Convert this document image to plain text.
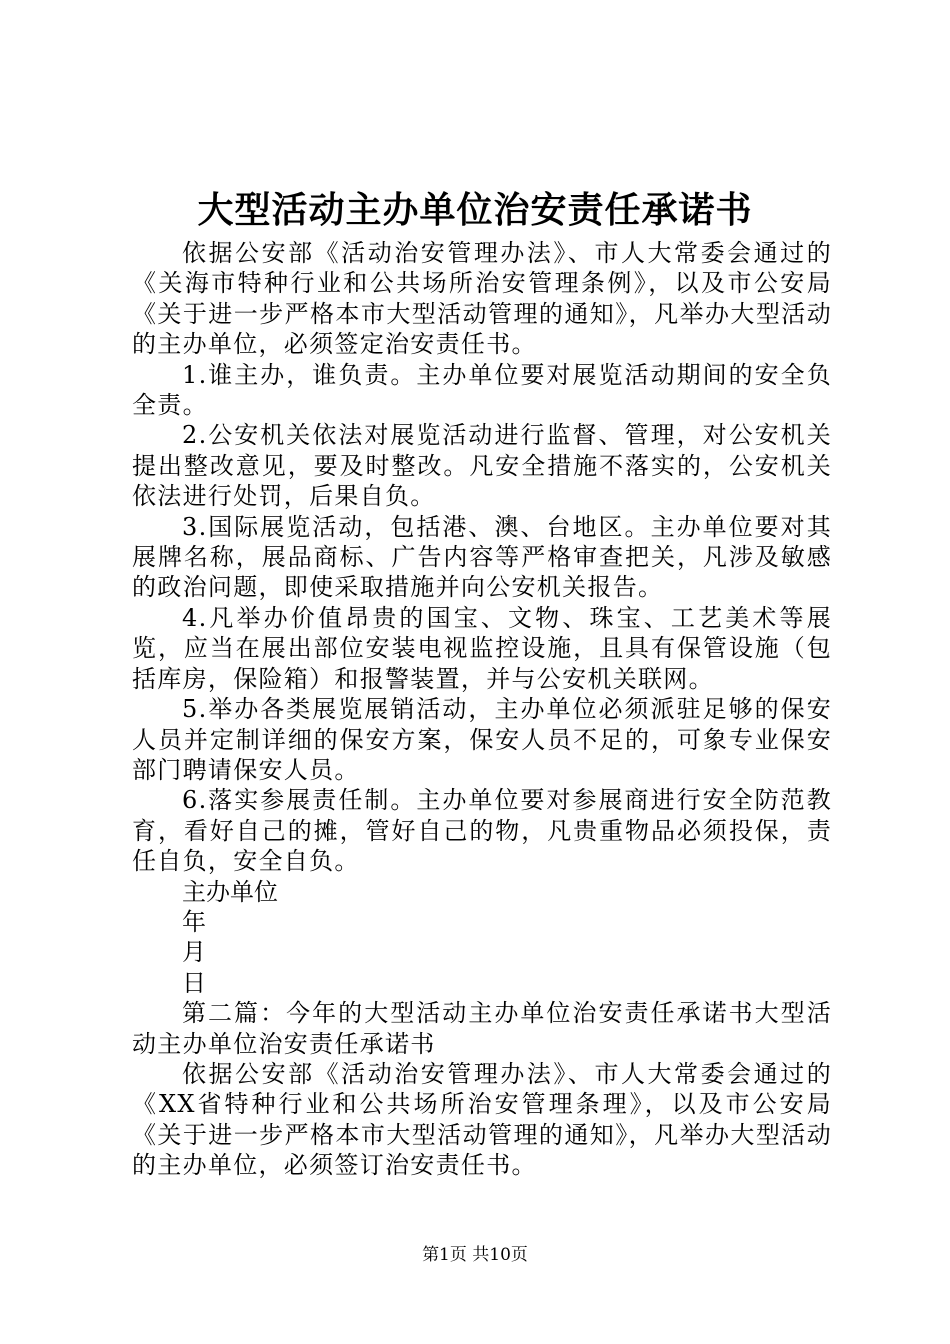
大型活动主办单位治安责任承诺书

依据公安部《活动治安管理办法》、市人大常委会通过的《关海市特种行业和公共场所治安管理条例》，以及市公安局《关于进一步严格本市大型活动管理的通知》，凡举办大型活动的主办单位，必须签定治安责任书。

1.谁主办，谁负责。主办单位要对展览活动期间的安全负全责。

2.公安机关依法对展览活动进行监督、管理，对公安机关提出整改意见，要及时整改。凡安全措施不落实的，公安机关依法进行处罚，后果自负。

3.国际展览活动，包括港、澳、台地区。主办单位要对其展牌名称，展品商标、广告内容等严格审查把关，凡涉及敏感的政治问题，即使采取措施并向公安机关报告。

4.凡举办价值昂贵的国宝、文物、珠宝、工艺美术等展览，应当在展出部位安装电视监控设施，且具有保管设施（包括库房，保险箱）和报警装置，并与公安机关联网。

5.举办各类展览展销活动，主办单位必须派驻足够的保安人员并定制详细的保安方案，保安人员不足的，可象专业保安部门聘请保安人员。

6.落实参展责任制。主办单位要对参展商进行安全防范教育，看好自己的摊，管好自己的物，凡贵重物品必须投保，责任自负，安全自负。

主办单位

年

月

日

第二篇：今年的大型活动主办单位治安责任承诺书大型活动主办单位治安责任承诺书

依据公安部《活动治安管理办法》、市人大常委会通过的《XX省特种行业和公共场所治安管理条理》，以及市公安局《关于进一步严格本市大型活动管理的通知》，凡举办大型活动的主办单位，必须签订治安责任书。

第1页 共10页
